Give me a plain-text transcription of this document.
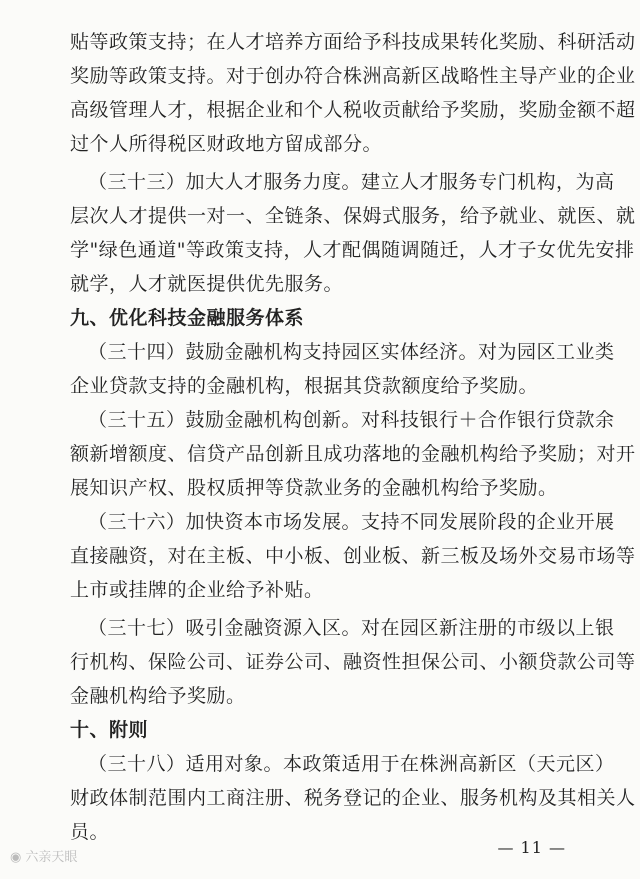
贴等政策支持；在人才培养方面给予科技成果转化奖励、科研活动
奖励等政策支持。对于创办符合株洲高新区战略性主导产业的企业
高级管理人才，根据企业和个人税收贡献给予奖励，奖励金额不超
过个人所得税区财政地方留成部分。
（三十三）加大人才服务力度。建立人才服务专门机构，为高
层次人才提供一对一、全链条、保姆式服务，给予就业、就医、就
学"绿色通道"等政策支持，人才配偶随调随迁，人才子女优先安排
就学，人才就医提供优先服务。
九、优化科技金融服务体系
（三十四）鼓励金融机构支持园区实体经济。对为园区工业类
企业贷款支持的金融机构，根据其贷款额度给予奖励。
（三十五）鼓励金融机构创新。对科技银行＋合作银行贷款余
额新增额度、信贷产品创新且成功落地的金融机构给予奖励；对开
展知识产权、股权质押等贷款业务的金融机构给予奖励。
（三十六）加快资本市场发展。支持不同发展阶段的企业开展
直接融资，对在主板、中小板、创业板、新三板及场外交易市场等
上市或挂牌的企业给予补贴。
（三十七）吸引金融资源入区。对在园区新注册的市级以上银
行机构、保险公司、证券公司、融资性担保公司、小额贷款公司等
金融机构给予奖励。
十、附则
（三十八）适用对象。本政策适用于在株洲高新区（天元区）
财政体制范围内工商注册、税务登记的企业、服务机构及其相关人
员。
— 11 —
◉ 六亲天眼
